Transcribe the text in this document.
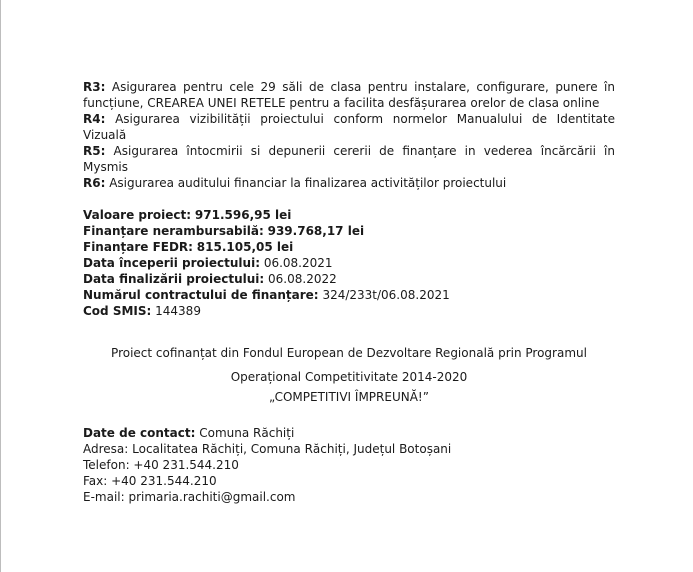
R3: Asigurarea pentru cele 29 săli de clasa pentru instalare, configurare, punere în

funcțiune, CREAREA UNEI RETELE pentru a facilita desfășurarea orelor de clasa online

R4: Asigurarea vizibilității proiectului conform normelor Manualului de Identitate

Vizuală

R5: Asigurarea întocmirii si depunerii cererii de finanțare in vederea încărcării în

Mysmis

R6: Asigurarea auditului financiar la finalizarea activităților proiectului

Valoare proiect: 971.596,95 lei
Finanțare nerambursabilă: 939.768,17 lei
Finanțare FEDR: 815.105,05 lei
Data începerii proiectului: 06.08.2021
Data finalizării proiectului: 06.08.2022
Numărul contractului de finanțare: 324/233t/06.08.2021
Cod SMIS: 144389
Proiect cofinanțat din Fondul European de Dezvoltare Regională prin Programul
Operațional Competitivitate 2014-2020
„COMPETITIVI ÎMPREUNĂ!”
Date de contact: Comuna Răchiți
Adresa: Localitatea Răchiți, Comuna Răchiți, Județul Botoșani
Telefon: +40 231.544.210
Fax: +40 231.544.210
E-mail: primaria.rachiti@gmail.com
